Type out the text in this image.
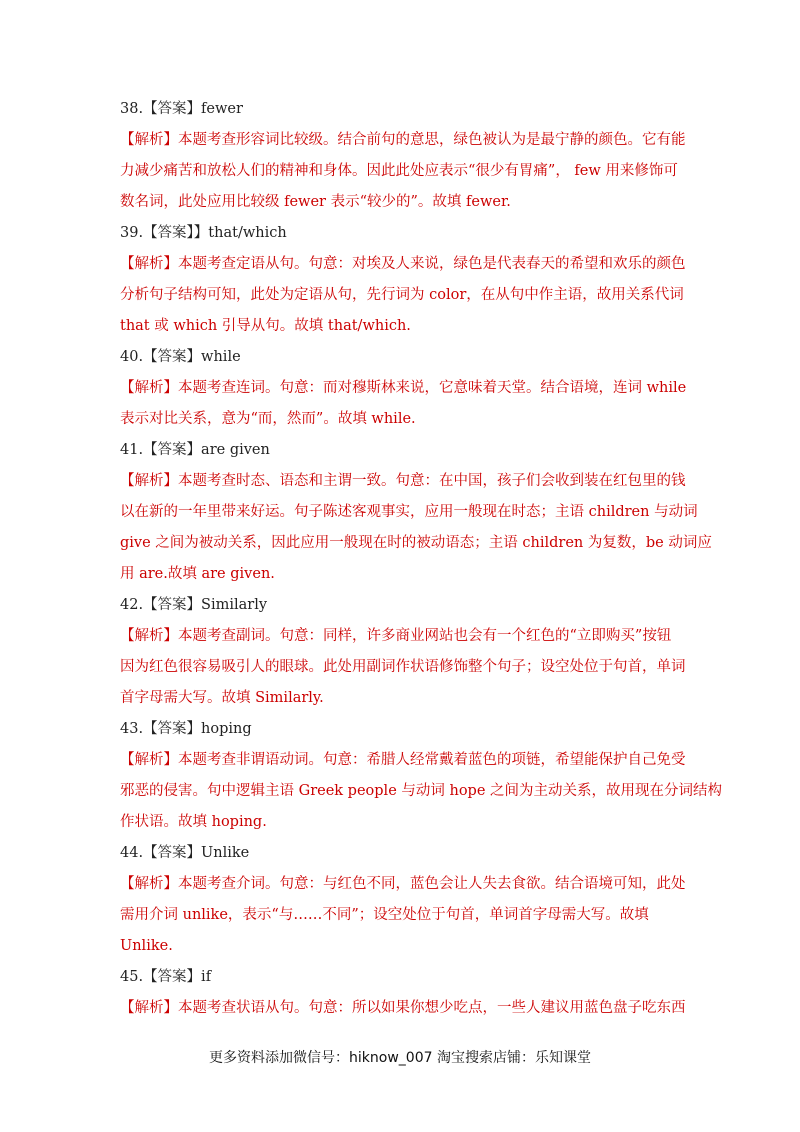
38.【答案】fewer
【解析】本题考查形容词比较级。结合前句的意思，绿色被认为是最宁静的颜色。它有能
力减少痛苦和放松人们的精神和身体。因此此处应表示“很少有胃痛”， few 用来修饰可
数名词，此处应用比较级 fewer 表示“较少的”。故填 fewer.
39.【答案】】that/which
【解析】本题考查定语从句。句意：对埃及人来说，绿色是代表春天的希望和欢乐的颜色
分析句子结构可知，此处为定语从句，先行词为 color，在从句中作主语，故用关系代词
that 或 which 引导从句。故填 that/which.
40.【答案】while
【解析】本题考查连词。句意：而对穆斯林来说，它意味着天堂。结合语境，连词 while
表示对比关系，意为“而，然而”。故填 while.
41.【答案】are given
【解析】本题考查时态、语态和主谓一致。句意：在中国，孩子们会收到装在红包里的钱
以在新的一年里带来好运。句子陈述客观事实，应用一般现在时态；主语 children 与动词
give 之间为被动关系，因此应用一般现在时的被动语态；主语 children 为复数，be 动词应
用 are.故填 are given.
42.【答案】Similarly
【解析】本题考查副词。句意：同样，许多商业网站也会有一个红色的“立即购买”按钮
因为红色很容易吸引人的眼球。此处用副词作状语修饰整个句子；设空处位于句首，单词
首字母需大写。故填 Similarly.
43.【答案】hoping
【解析】本题考查非谓语动词。句意：希腊人经常戴着蓝色的项链，希望能保护自己免受
邪恶的侵害。句中逻辑主语 Greek people 与动词 hope 之间为主动关系，故用现在分词结构
作状语。故填 hoping.
44.【答案】Unlike
【解析】本题考查介词。句意：与红色不同，蓝色会让人失去食欲。结合语境可知，此处
需用介词 unlike，表示“与……不同”；设空处位于句首，单词首字母需大写。故填
Unlike.
45.【答案】if
【解析】本题考查状语从句。句意：所以如果你想少吃点，一些人建议用蓝色盘子吃东西
更多资料添加微信号：hiknow_007 淘宝搜索店铺：乐知课堂
